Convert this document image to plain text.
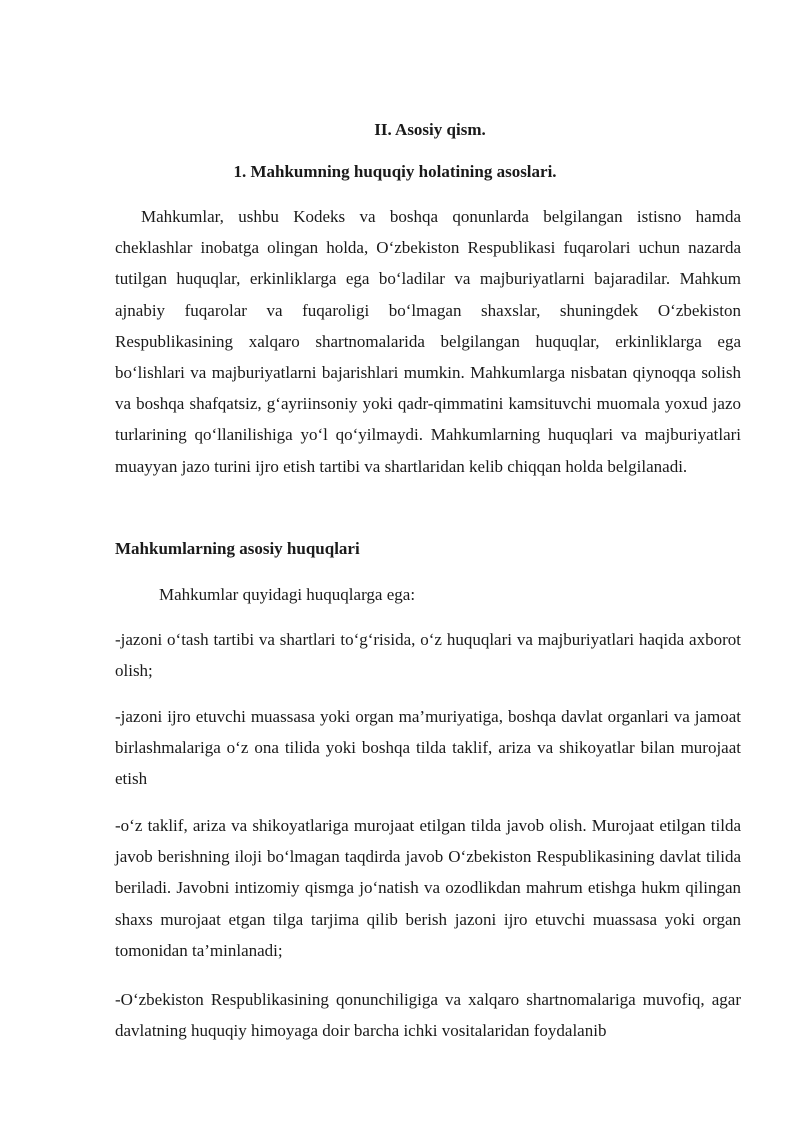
II. Asosiy qism.
1. Mahkumning huquqiy holatining asoslari.

Mahkumlar, ushbu Kodeks va boshqa qonunlarda belgilangan istisno hamda cheklashlar inobatga olingan holda, O‘zbekiston Respublikasi fuqarolari uchun nazarda tutilgan huquqlar, erkinliklarga ega bo‘ladilar va majburiyatlarni bajaradilar. Mahkum ajnabiy fuqarolar va fuqaroligi bo‘lmagan shaxslar, shuningdek O‘zbekiston Respublikasining xalqaro shartnomalarida belgilangan huquqlar, erkinliklarga ega bo‘lishlari va majburiyatlarni bajarishlari mumkin. Mahkumlarga nisbatan qiynoqqa solish va boshqa shafqatsiz, g‘ayriinsoniy yoki qadr-qimmatini kamsituvchi muomala yoxud jazo turlarining qo‘llanilishiga yo‘l qo‘yilmaydi. Mahkumlarning huquqlari va majburiyatlari muayyan jazo turini ijro etish tartibi va shartlaridan kelib chiqqan holda belgilanadi.

Mahkumlarning asosiy huquqlari

Mahkumlar quyidagi huquqlarga ega:

-jazoni o‘tash tartibi va shartlari to‘g‘risida, o‘z huquqlari va majburiyatlari haqida axborot olish;

-jazoni ijro etuvchi muassasa yoki organ ma’muriyatiga, boshqa davlat organlari va jamoat birlashmalariga o‘z ona tilida yoki boshqa tilda taklif, ariza va shikoyatlar bilan murojaat etish

-o‘z taklif, ariza va shikoyatlariga murojaat etilgan tilda javob olish. Murojaat etilgan tilda javob berishning iloji bo‘lmagan taqdirda javob O‘zbekiston Respublikasining davlat tilida beriladi. Javobni intizomiy qismga jo‘natish va ozodlikdan mahrum etishga hukm qilingan shaxs murojaat etgan tilga tarjima qilib berish jazoni ijro etuvchi muassasa yoki organ tomonidan ta’minlanadi;

-O‘zbekiston Respublikasining qonunchiligiga va xalqaro shartnomalariga muvofiq, agar davlatning huquqiy himoyaga doir barcha ichki vositalaridan foydalanib
